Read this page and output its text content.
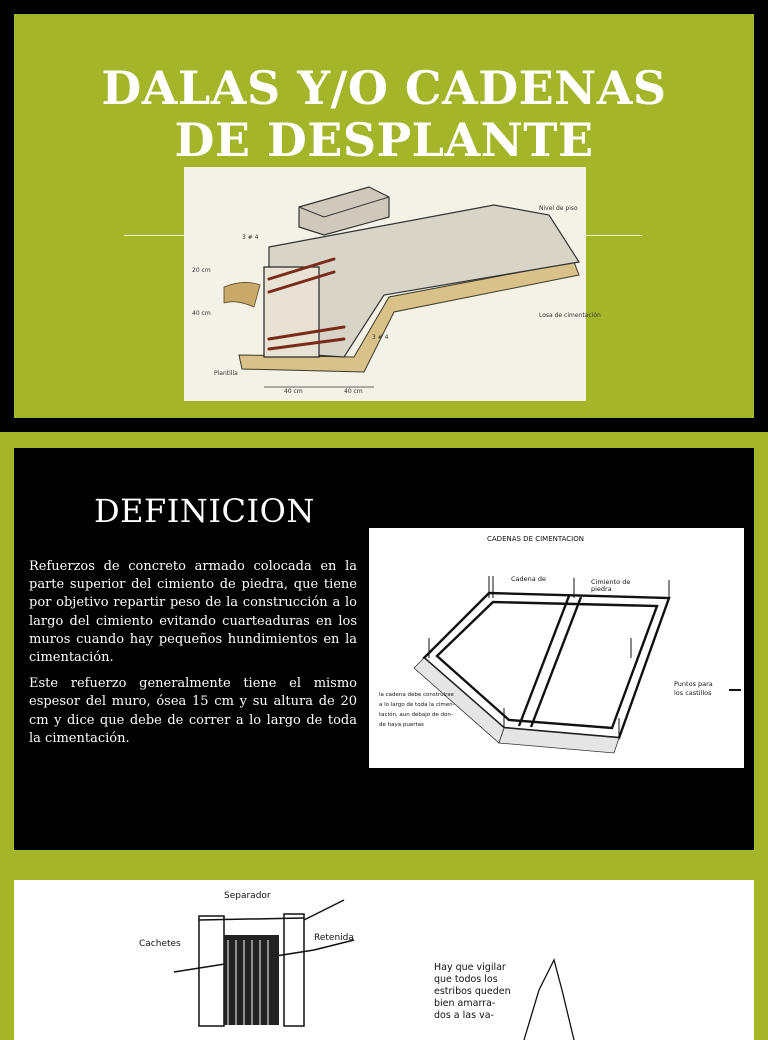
DALAS Y/O CADENAS
DE DESPLANTE
3 # 4
20 cm
40 cm
Nivel de piso
Losa de cimentación
3 # 4
Plantilla
40 cm	40 cm
DEFINICION

Refuerzos de concreto armado colocada en la parte superior del cimiento de piedra, que tiene por objetivo repartir peso de la construcción a lo largo del cimiento evitando cuarteaduras en los muros cuando hay pequeños hundimientos en la cimentación.

Este refuerzo generalmente tiene el mismo espesor del muro, ósea 15 cm y su altura de 20 cm y dice que debe de correr a lo largo de toda la cimentación.

CADENAS DE CIMENTACION
Cadena de	Cimiento de
piedra
Puntos para
los castillos
la cadena debe construirse
a lo largo de toda la cimen-
tación, aun debajo de don-
de haya puertas
Separador
Cachetes
Retenida
Hay que vigilar
que todos los
estribos queden
bien amarra-
dos a las va-
